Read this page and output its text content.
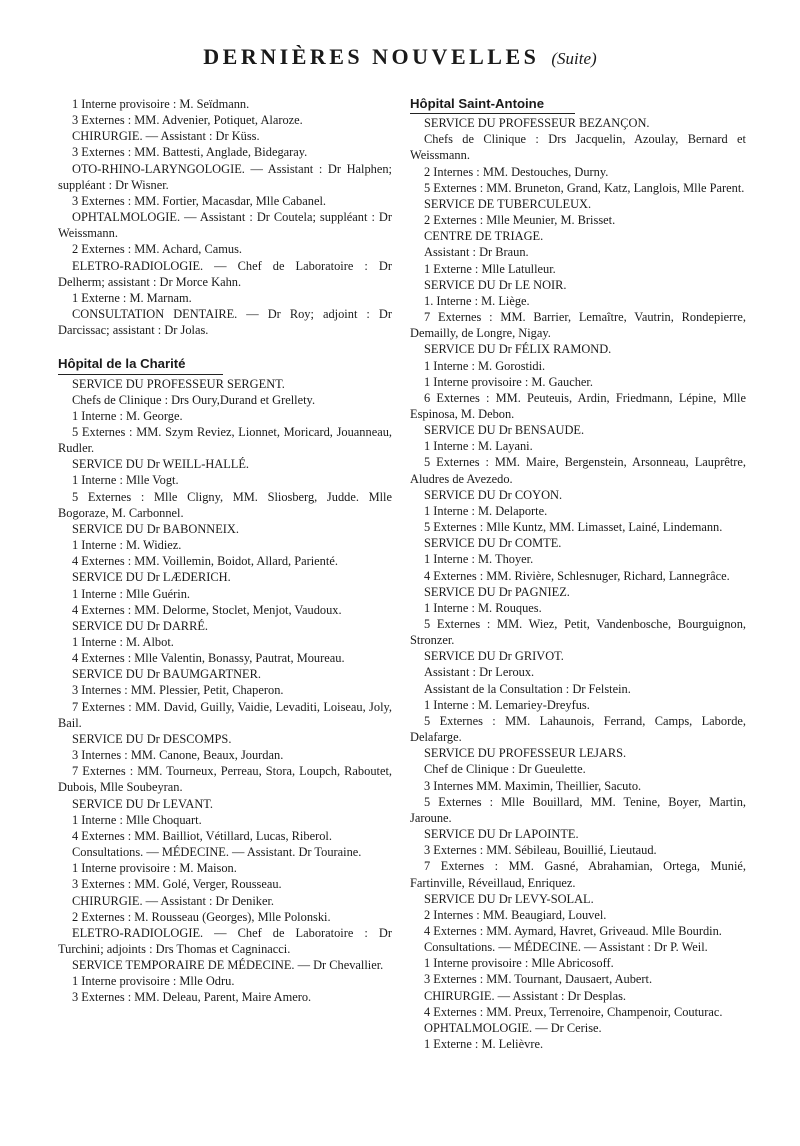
DERNIÈRES NOUVELLES (Suite)

1 Interne provisoire : M. Seïdmann.

3 Externes : MM. Advenier, Potiquet, Alaroze.

CHIRURGIE. — Assistant : Dr Küss.

3 Externes : MM. Battesti, Anglade, Bidegaray.

OTO-RHINO-LARYNGOLOGIE. — Assistant : Dr Halphen; suppléant : Dr Wisner.

3 Externes : MM. Fortier, Macasdar, Mlle Cabanel.

OPHTALMOLOGIE. — Assistant : Dr Coutela; suppléant : Dr Weissmann.

2 Externes : MM. Achard, Camus.

ELETRO-RADIOLOGIE. — Chef de Laboratoire : Dr Delherm; assistant : Dr Morce Kahn.

1 Externe : M. Marnam.

CONSULTATION DENTAIRE. — Dr Roy; adjoint : Dr Darcissac; assistant : Dr Jolas.

Hôpital de la Charité

SERVICE DU PROFESSEUR SERGENT.

Chefs de Clinique : Drs Oury,Durand et Grellety.

1 Interne : M. George.

5 Externes : MM. Szym Reviez, Lionnet, Moricard, Jouanneau, Rudler.

SERVICE DU Dr WEILL-HALLÉ.

1 Interne : Mlle Vogt.

5 Externes : Mlle Cligny, MM. Sliosberg, Judde. Mlle Bogoraze, M. Carbonnel.

SERVICE DU Dr BABONNEIX.

1 Interne : M. Widiez.

4 Externes : MM. Voillemin, Boidot, Allard, Parienté.

SERVICE DU Dr LÆDERICH.

1 Interne : Mlle Guérin.

4 Externes : MM. Delorme, Stoclet, Menjot, Vaudoux.

SERVICE DU Dr DARRÉ.

1 Interne : M. Albot.

4 Externes : Mlle Valentin, Bonassy, Pautrat, Moureau.

SERVICE DU Dr BAUMGARTNER.

3 Internes : MM. Plessier, Petit, Chaperon.

7 Externes : MM. David, Guilly, Vaidie, Levaditi, Loiseau, Joly, Bail.

SERVICE DU Dr DESCOMPS.

3 Internes : MM. Canone, Beaux, Jourdan.

7 Externes : MM. Tourneux, Perreau, Stora, Loupch, Raboutet, Dubois, Mlle Soubeyran.

SERVICE DU Dr LEVANT.

1 Interne : Mlle Choquart.

4 Externes : MM. Bailliot, Vétillard, Lucas, Riberol.

Consultations. — MÉDECINE. — Assistant. Dr Touraine.

1 Interne provisoire : M. Maison.

3 Externes : MM. Golé, Verger, Rousseau.

CHIRURGIE. — Assistant : Dr Deniker.

2 Externes : M. Rousseau (Georges), Mlle Polonski.

ELETRO-RADIOLOGIE. — Chef de Laboratoire : Dr Turchini; adjoints : Drs Thomas et Cagninacci.

SERVICE TEMPORAIRE DE MÉDECINE. — Dr Chevallier.

1 Interne provisoire : Mlle Odru.

3 Externes : MM. Deleau, Parent, Maire Amero.

Hôpital Saint-Antoine

SERVICE DU PROFESSEUR BEZANÇON.

Chefs de Clinique : Drs Jacquelin, Azoulay, Bernard et Weissmann.

2 Internes : MM. Destouches, Durny.

5 Externes : MM. Bruneton, Grand, Katz, Langlois, Mlle Parent.

SERVICE DE TUBERCULEUX.

2 Externes : Mlle Meunier, M. Brisset.

CENTRE DE TRIAGE.

Assistant : Dr Braun.

1 Externe : Mlle Latulleur.

SERVICE DU Dr LE NOIR.

1. Interne : M. Liège.

7 Externes : MM. Barrier, Lemaître, Vautrin, Rondepierre, Demailly, de Longre, Nigay.

SERVICE DU Dr FÉLIX RAMOND.

1 Interne : M. Gorostidi.

1 Interne provisoire : M. Gaucher.

6 Externes : MM. Peuteuis, Ardin, Friedmann, Lépine, Mlle Espinosa, M. Debon.

SERVICE DU Dr BENSAUDE.

1 Interne : M. Layani.

5 Externes : MM. Maire, Bergenstein, Arsonneau, Lauprêtre, Aludres de Avezedo.

SERVICE DU Dr COYON.

1 Interne : M. Delaporte.

5 Externes : Mlle Kuntz, MM. Limasset, Lainé, Lindemann.

SERVICE DU Dr COMTE.

1 Interne : M. Thoyer.

4 Externes : MM. Rivière, Schlesnuger, Richard, Lannegrâce.

SERVICE DU Dr PAGNIEZ.

1 Interne : M. Rouques.

5 Externes : MM. Wiez, Petit, Vandenbosche, Bourguignon, Stronzer.

SERVICE DU Dr GRIVOT.

Assistant : Dr Leroux.

Assistant de la Consultation : Dr Felstein.

1 Interne : M. Lemariey-Dreyfus.

5 Externes : MM. Lahaunois, Ferrand, Camps, Laborde, Delafarge.

SERVICE DU PROFESSEUR LEJARS.

Chef de Clinique : Dr Gueulette.

3 Internes MM. Maximin, Theillier, Sacuto.

5 Externes : Mlle Bouillard, MM. Tenine, Boyer, Martin, Jaroune.

SERVICE DU Dr LAPOINTE.

3 Externes : MM. Sébileau, Bouillié, Lieutaud.

7 Externes : MM. Gasné, Abrahamian, Ortega, Munié, Fartinville, Réveillaud, Enriquez.

SERVICE DU Dr LEVY-SOLAL.

2 Internes : MM. Beaugiard, Louvel.

4 Externes : MM. Aymard, Havret, Griveaud. Mlle Bourdin.

Consultations. — MÉDECINE. — Assistant : Dr P. Weil.

1 Interne provisoire : Mlle Abricosoff.

3 Externes : MM. Tournant, Dausaert, Aubert.

CHIRURGIE. — Assistant : Dr Desplas.

4 Externes : MM. Preux, Terrenoire, Champenoir, Couturac.

OPHTALMOLOGIE. — Dr Cerise.

1 Externe : M. Lelièvre.
